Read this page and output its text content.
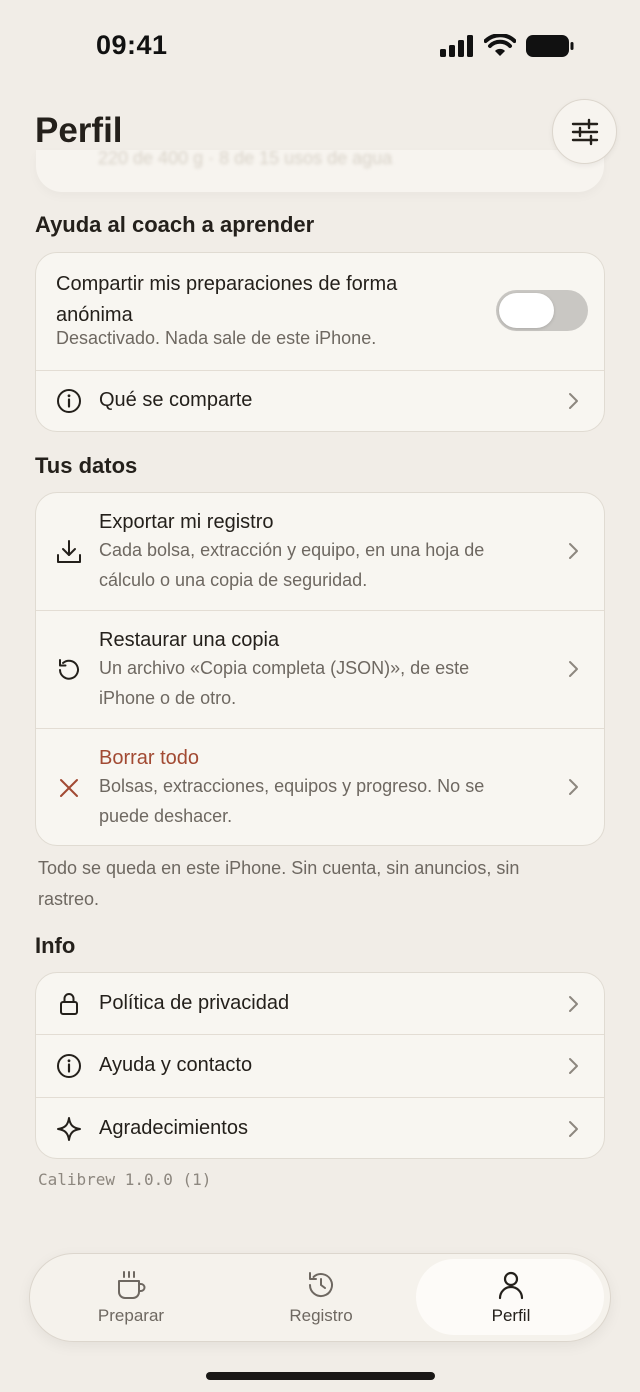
09:41
220 de 400 g · 8 de 15 usos de agua
Perfil
Ayuda al coach a aprender
Compartir mis preparaciones de forma anónima
Desactivado. Nada sale de este iPhone.
Qué se comparte
Tus datos
Exportar mi registro
Cada bolsa, extracción y equipo, en una hoja de cálculo o una copia de seguridad.
Restaurar una copia
Un archivo «Copia completa (JSON)», de este iPhone o de otro.
Borrar todo
Bolsas, extracciones, equipos y progreso. No se puede deshacer.
Todo se queda en este iPhone. Sin cuenta, sin anuncios, sin rastreo.
Info
Política de privacidad
Ayuda y contacto
Agradecimientos
Calibrew 1.0.0 (1)
Preparar	Registro	Perfil
